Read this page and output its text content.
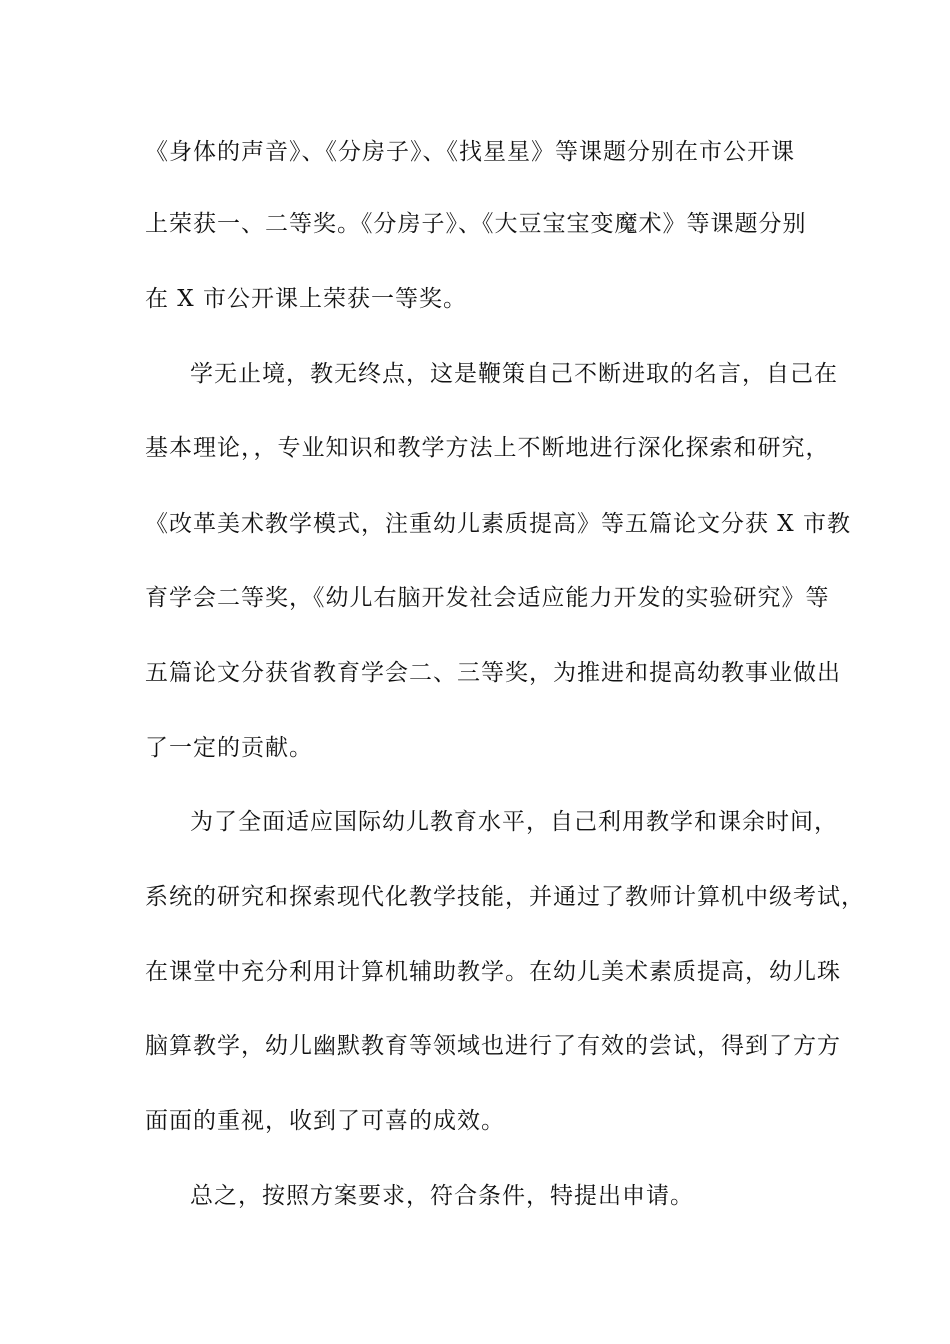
《身体的声音》、《分房子》、《找星星》等课题分别在市公开课
上荣获一、二等奖。《分房子》、《大豆宝宝变魔术》等课题分别
在 X 市公开课上荣获一等奖。
学无止境，教无终点，这是鞭策自己不断进取的名言，自己在
基本理论，，专业知识和教学方法上不断地进行深化探索和研究，
《改革美术教学模式，注重幼儿素质提高》等五篇论文分获 X 市教
育学会二等奖，《幼儿右脑开发社会适应能力开发的实验研究》等
五篇论文分获省教育学会二、三等奖，为推进和提高幼教事业做出
了一定的贡献。
为了全面适应国际幼儿教育水平，自己利用教学和课余时间，
系统的研究和探索现代化教学技能，并通过了教师计算机中级考试，
在课堂中充分利用计算机辅助教学。在幼儿美术素质提高，幼儿珠
脑算教学，幼儿幽默教育等领域也进行了有效的尝试，得到了方方
面面的重视，收到了可喜的成效。
总之，按照方案要求，符合条件，特提出申请。
